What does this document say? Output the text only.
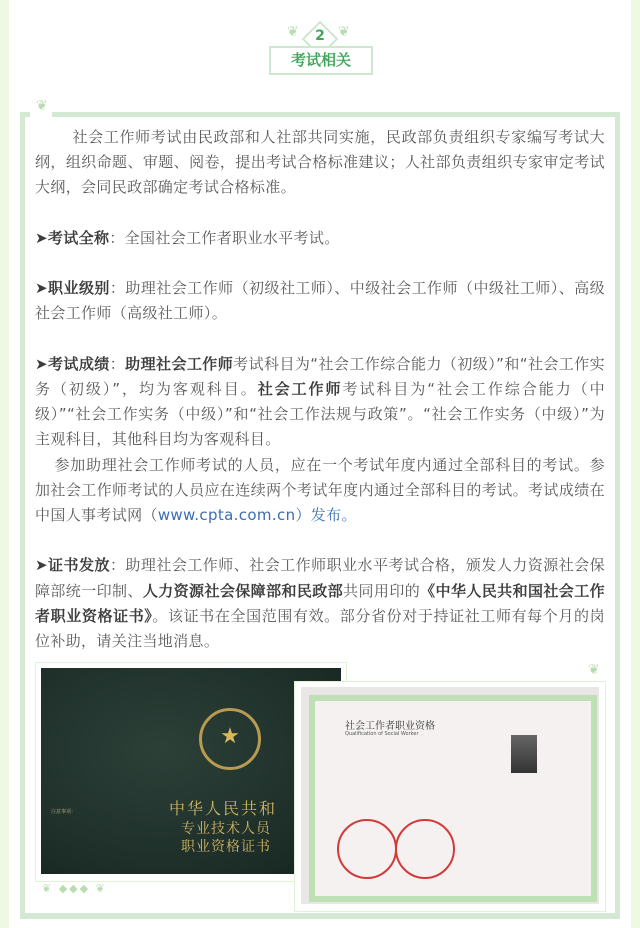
❦	❦
2
考试相关
❦

社会工作师考试由民政部和人社部共同实施，民政部负责组织专家编写考试大纲，组织命题、审题、阅卷，提出考试合格标准建议；人社部负责组织专家审定考试大纲，会同民政部确定考试合格标准。

➤考试全称：全国社会工作者职业水平考试。

➤职业级别：助理社会工作师（初级社工师）、中级社会工作师（中级社工师）、高级社会工作师（高级社工师）。

➤考试成绩：助理社会工作师考试科目为“社会工作综合能力（初级）”和“社会工作实务（初级）”，均为客观科目。社会工作师考试科目为“社会工作综合能力（中级）”“社会工作实务（中级）”和“社会工作法规与政策”。“社会工作实务（中级）”为主观科目，其他科目均为客观科目。

参加助理社会工作师考试的人员，应在一个考试年度内通过全部科目的考试。参加社会工作师考试的人员应在连续两个考试年度内通过全部科目的考试。考试成绩在中国人事考试网（www.cpta.com.cn）发布。

➤证书发放：助理社会工作师、社会工作师职业水平考试合格，颁发人力资源社会保障部统一印制、人力资源社会保障部和民政部共同用印的《中华人民共和国社会工作者职业资格证书》。该证书在全国范围有效。部分省份对于持证社工师有每个月的岗位补助，请关注当地消息。

★
中华人民共和
专业技术人员
职业资格证书
注意事项：
社会工作者职业资格
Qualification of Social Worker
❦ ◆◆◆ ❦
❦
